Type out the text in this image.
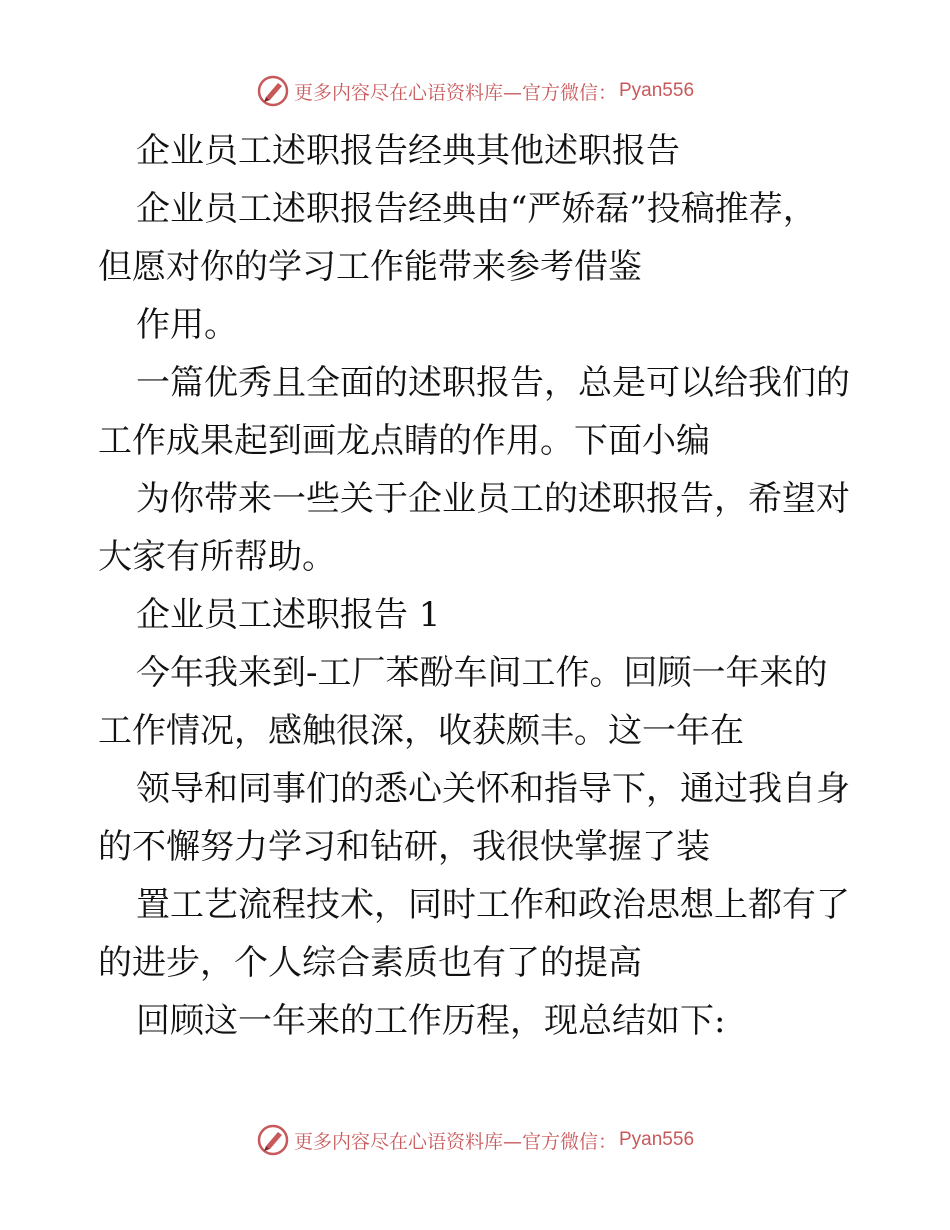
更多内容尽在心语资料库—官方微信： Pyan556
企业员工述职报告经典其他述职报告
企业员工述职报告经典由“严娇磊”投稿推荐，
但愿对你的学习工作能带来参考借鉴
作用。
一篇优秀且全面的述职报告，总是可以给我们的
工作成果起到画龙点睛的作用。下面小编
为你带来一些关于企业员工的述职报告，希望对
大家有所帮助。
企业员工述职报告 1
今年我来到-工厂苯酚车间工作。回顾一年来的
工作情况，感触很深，收获颇丰。这一年在
领导和同事们的悉心关怀和指导下，通过我自身
的不懈努力学习和钻研，我很快掌握了装
置工艺流程技术，同时工作和政治思想上都有了
的进步，个人综合素质也有了的提高
回顾这一年来的工作历程，现总结如下:
更多内容尽在心语资料库—官方微信： Pyan556
